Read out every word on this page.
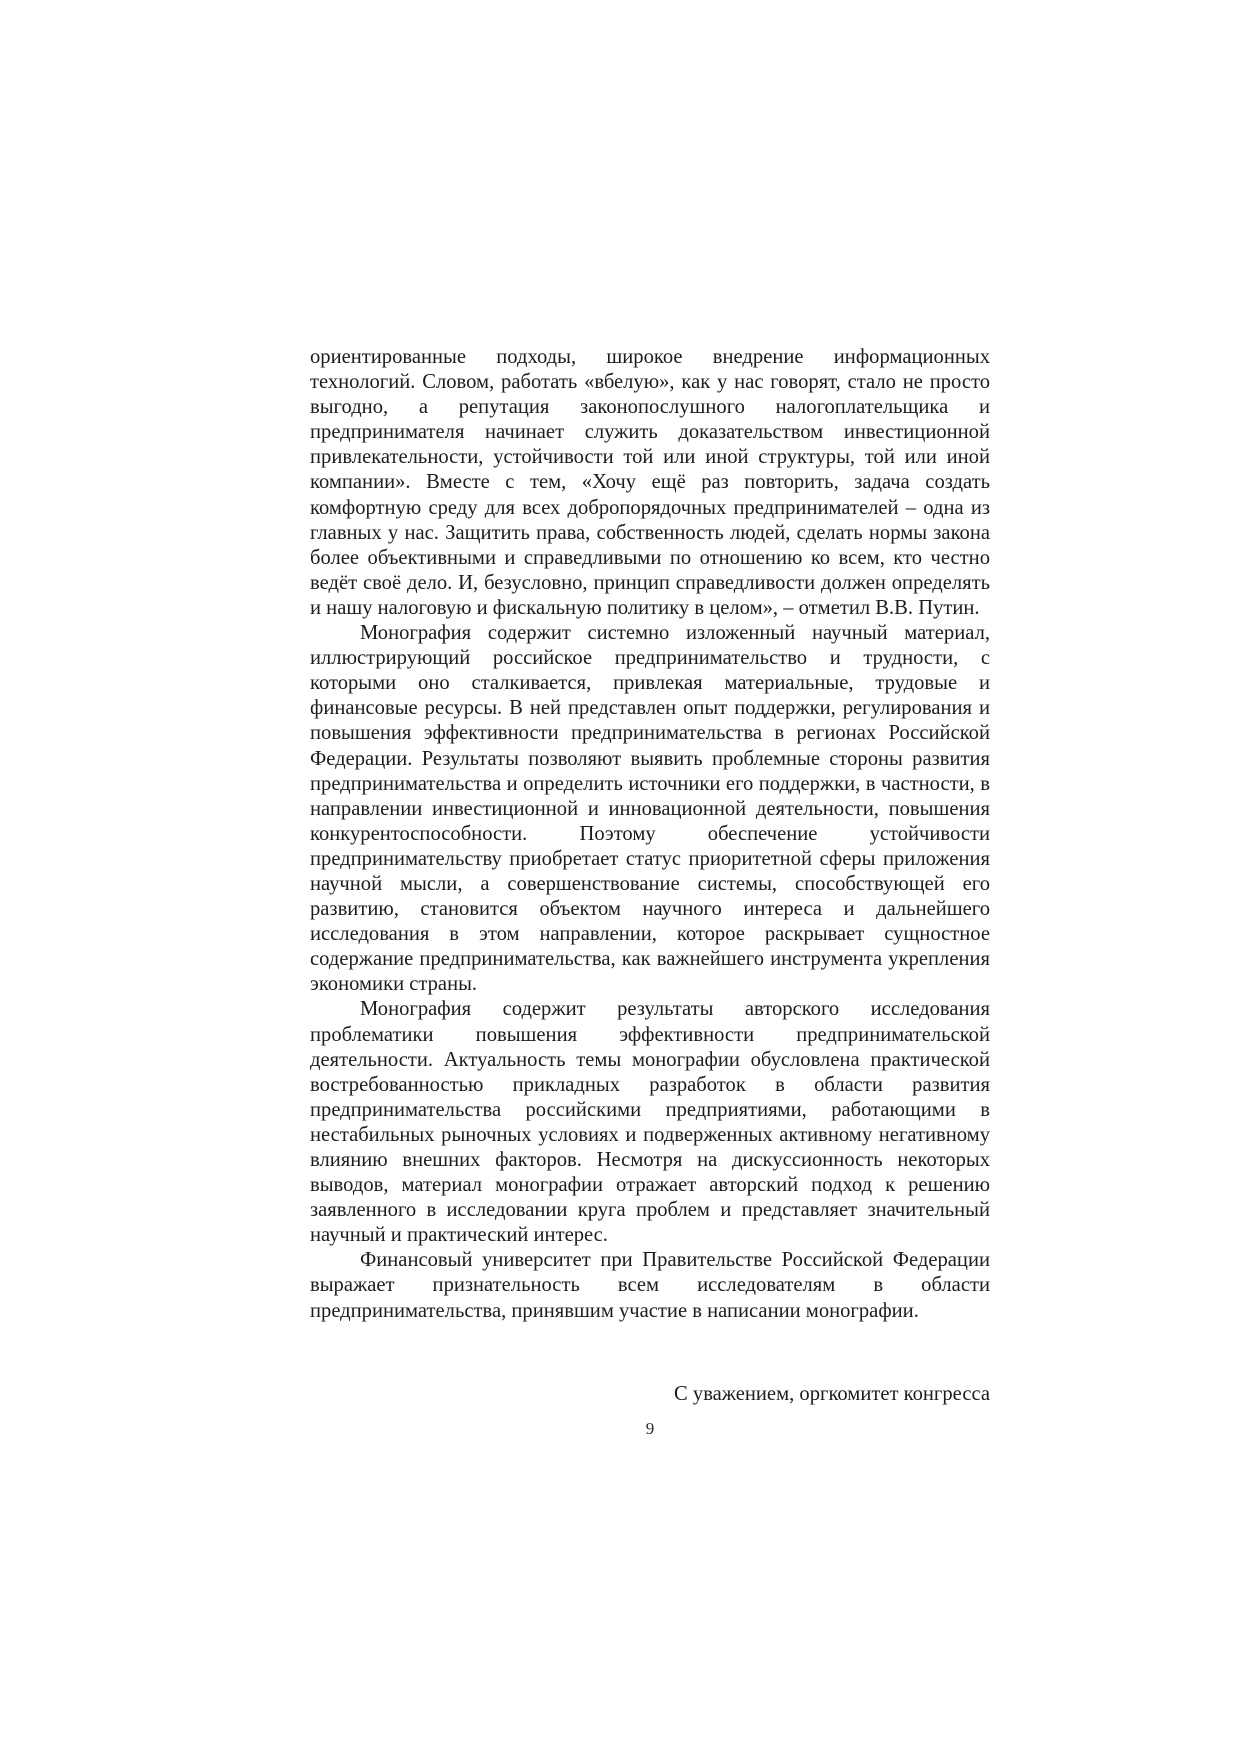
ориентированные подходы, широкое внедрение информационных технологий. Словом, работать «вбелую», как у нас говорят, стало не просто выгодно, а репутация законопослушного налогоплательщика и предпринимателя начинает служить доказательством инвестиционной привлекательности, устойчивости той или иной структуры, той или иной компании». Вместе с тем, «Хочу ещё раз повторить, задача создать комфортную среду для всех добропорядочных предпринимателей – одна из главных у нас. Защитить права, собственность людей, сделать нормы закона более объективными и справедливыми по отношению ко всем, кто честно ведёт своё дело. И, безусловно, принцип справедливости должен определять и нашу налоговую и фискальную политику в целом», – отметил В.В. Путин.

Монография содержит системно изложенный научный материал, иллюстрирующий российское предпринимательство и трудности, с которыми оно сталкивается, привлекая материальные, трудовые и финансовые ресурсы. В ней представлен опыт поддержки, регулирования и повышения эффективности предпринимательства в регионах Российской Федерации. Результаты позволяют выявить проблемные стороны развития предпринимательства и определить источники его поддержки, в частности, в направлении инвестиционной и инновационной деятельности, повышения конкурентоспособности. Поэтому обеспечение устойчивости предпринимательству приобретает статус приоритетной сферы приложения научной мысли, а совершенствование системы, способствующей его развитию, становится объектом научного интереса и дальнейшего исследования в этом направлении, которое раскрывает сущностное содержание предпринимательства, как важнейшего инструмента укрепления экономики страны.

Монография содержит результаты авторского исследования проблематики повышения эффективности предпринимательской деятельности. Актуальность темы монографии обусловлена практической востребованностью прикладных разработок в области развития предпринимательства российскими предприятиями, работающими в нестабильных рыночных условиях и подверженных активному негативному влиянию внешних факторов. Несмотря на дискуссионность некоторых выводов, материал монографии отражает авторский подход к решению заявленного в исследовании круга проблем и представляет значительный научный и практический интерес.

Финансовый университет при Правительстве Российской Федерации выражает признательность всем исследователям в области предпринимательства, принявшим участие в написании монографии.

С уважением, оргкомитет конгресса
9
